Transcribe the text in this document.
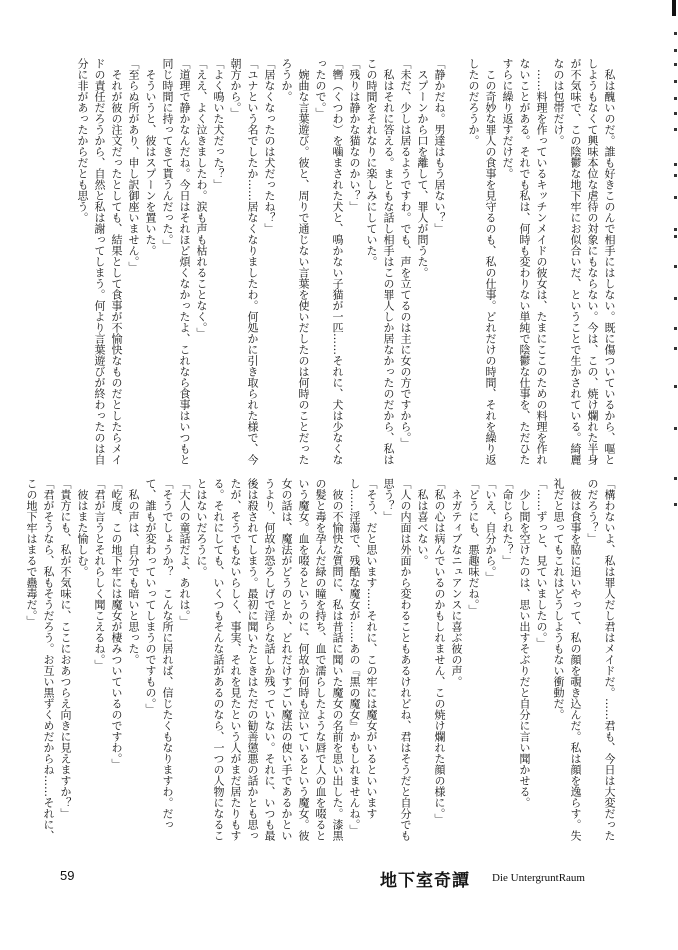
私は醜いのだ。誰も好きこのんで相手にはしない。既に傷ついているから、嘔としようもなくて興味本位な虐待の対象にもならない。今は、この、焼け爛れた半身が不気味で、この陰鬱な地下牢にお似合いだ、ということで生かされている。綺麗なのは包帯だけ。

……料理を作っているキッチンメイドの彼女は、たまにここのための料理を作れないことがある。それでも私は、何時も変わりない単純で陰鬱な仕事を、ただひたすらに繰り返すだけだ。

この奇妙な罪人の食事を見守るのも、私の仕事。どれだけの時間、それを繰り返したのだろうか。

「静かだね。男達はもう居ない？」

スプーンから口を離して、罪人が問うた。

「未だ、少しは居るようですわ。でも、声を立てるのは主に女の方ですから。」

私はそれに答える。まともな話し相手はこの罪人しか居なかったのだから、私はこの時間をそれなりに楽しみにしていた。

「残りは静かな猫なのかい？」

「轡（くつわ）を噛まされた犬と、鳴かない子猫が一匹……それに、犬は少なくなったので。」

婉曲な言葉遊び。彼と、周りで通じない言葉を使いだしたのは何時のことだったろうか。

「居なくなったのは犬だったね？」

「ユナという名でしたか……居なくなりましたわ。何処かに引き取られた様で、今朝方から。」

「よく鳴いた犬だった？」

「ええ、よく泣きましたわ。涙も声も枯れることなく。」

「道理で静かなんだね。今日はそれほど煩くなかったよ、これなら食事はいつもと同じ時間に持ってきて貰うんだった。」

そういうと、彼はスプーンを置いた。

「至らぬ所があり、申し訳御座いません。」

それが彼の注文だったとしても、結果として食事が不愉快なものだとしたらメイドの責任だろうから、自然と私は謝ってしまう。何より言葉遊びが終わったのは自分に非があったからだとも思う。

「構わないよ、私は罪人だし君はメイドだ。……君も、今日は大変だったのだろう？」

彼は食事を脇に追いやって、私の顔を覗き込んだ。私は顔を逸らす。失礼だと思ってもこれはどうしようもない衝動だ。

「……ずっと、見ていましたの。」

少し間を空けたのは、思い出すそぶりだと自分に言い聞かせる。

「命じられた？」

「いえ、自分から。」

「どうにも、悪趣味だね。」

ネガティブなニュアンスに喜ぶ彼の声。

「私の心は病んでいるのかもしれません、この焼け爛れた顔の様に。」

私は喜べない。

「人の内面は外面から変わることもあるけれどね、君はそうだと自分でも思う？」

「そう、だと思います……それに、この牢には魔女がいるといいますし……淫蕩で、残酷な魔女が……あの『黒の魔女』かもしれませんね。」

彼の不愉快な質問に、私は昔話に聞いた魔女の名前を思い出した。漆黒の髪と毒を孕んだ緑の瞳を持ち、血で濡らしたような唇で人の血を啜るという魔女。血を啜るというのに、何故か何時も泣いているという魔女。彼女の話は、魔法がどうのとか、どれだけすごい魔法の使い手であるかというより、何故か恐ろしげで淫らな話しか残っていない。それに、いつも最後は殺されてしまう。最初に聞いたときはただの勧善懲悪の話かとも思ったが、そうでもないらしく、事実、それを見たという人がまだ居たりもする。それにしても、いくつもそんな話があるのなら、一つの人物になることはないだろうに。

「大人の童話だよ、あれは。」

「そうでしょうか？　こんな所に居れば、信じたくもなりますわ。だって、誰もが変わっていってしまうのですもの。」

私の声は、自分でも暗いと思った。

「屹度、この地下牢には魔女が棲みついているのですわ。」

「君が言うとそれらしく聞こえるね。」

彼はまた愉しむ。

「貴方にも、私が不気味に、ここにおあつらえ向きに見えますか？」

「君がそうなら、私もそうだろう。お互い黒ずくめだからね……それに、この地下牢はまるで蠱毒だ。」

59	地下室奇譚 Die UntergruntRaum
